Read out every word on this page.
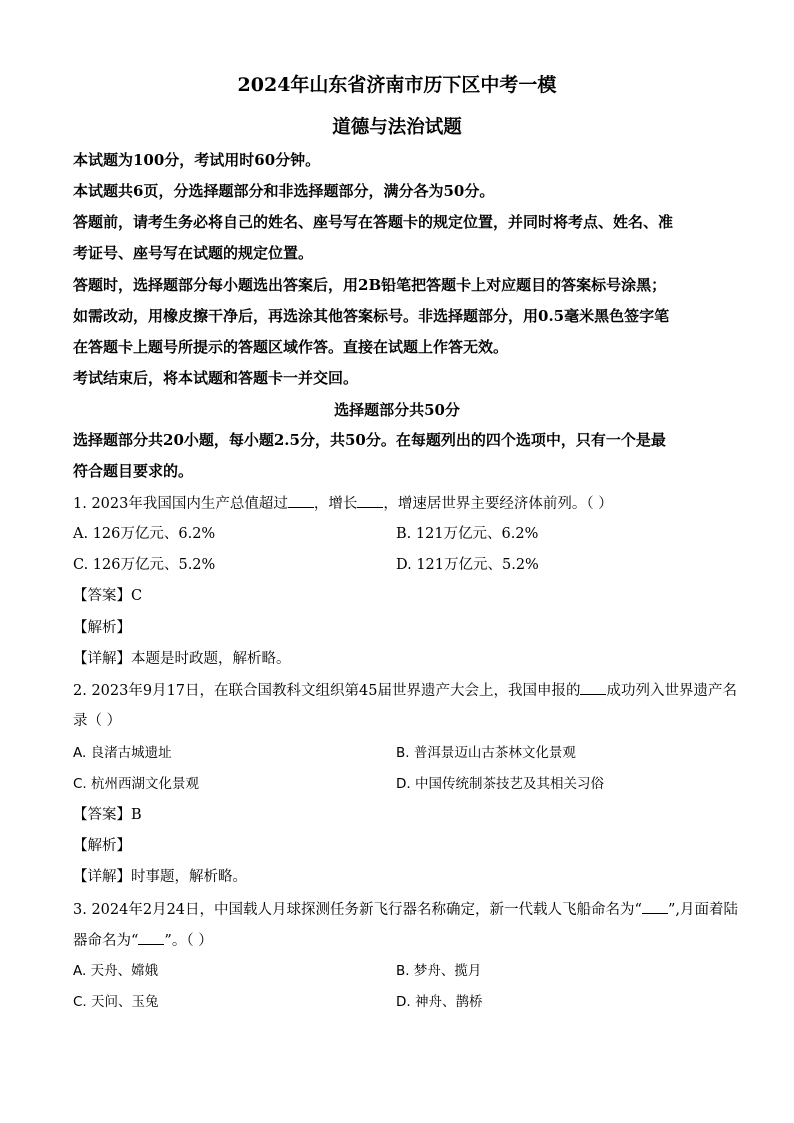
2024年山东省济南市历下区中考一模
道德与法治试题
本试题为100分，考试用时60分钟。
本试题共6页，分选择题部分和非选择题部分，满分各为50分。
答题前，请考生务必将自己的姓名、座号写在答题卡的规定位置，并同时将考点、姓名、准
考证号、座号写在试题的规定位置。
答题时，选择题部分每小题选出答案后，用2B铅笔把答题卡上对应题目的答案标号涂黑；
如需改动，用橡皮擦干净后，再选涂其他答案标号。非选择题部分，用0.5毫米黑色签字笔
在答题卡上题号所提示的答题区域作答。直接在试题上作答无效。
考试结束后，将本试题和答题卡一并交回。
选择题部分共50分
选择题部分共20小题，每小题2.5分，共50分。在每题列出的四个选项中，只有一个是最
符合题目要求的。
1. 2023年我国国内生产总值超过 ，增长 ，增速居世界主要经济体前列。（ ）
A. 126万亿元、6.2%	B. 121万亿元、6.2%
C. 126万亿元、5.2%	D. 121万亿元、5.2%
【答案】C
【解析】
【详解】本题是时政题，解析略。
2. 2023年9月17日，在联合国教科文组织第45届世界遗产大会上，我国申报的 成功列入世界遗产名
录（ ）
A. 良渚古城遗址	B. 普洱景迈山古茶林文化景观
C. 杭州西湖文化景观	D. 中国传统制茶技艺及其相关习俗
【答案】B
【解析】
【详解】时事题，解析略。
3. 2024年2月24日，中国载人月球探测任务新飞行器名称确定，新一代载人飞船命名为“ ”,月面着陆
器命名为“ ”。（ ）
A. 天舟、嫦娥	B. 梦舟、揽月
C. 天问、玉兔	D. 神舟、鹊桥
